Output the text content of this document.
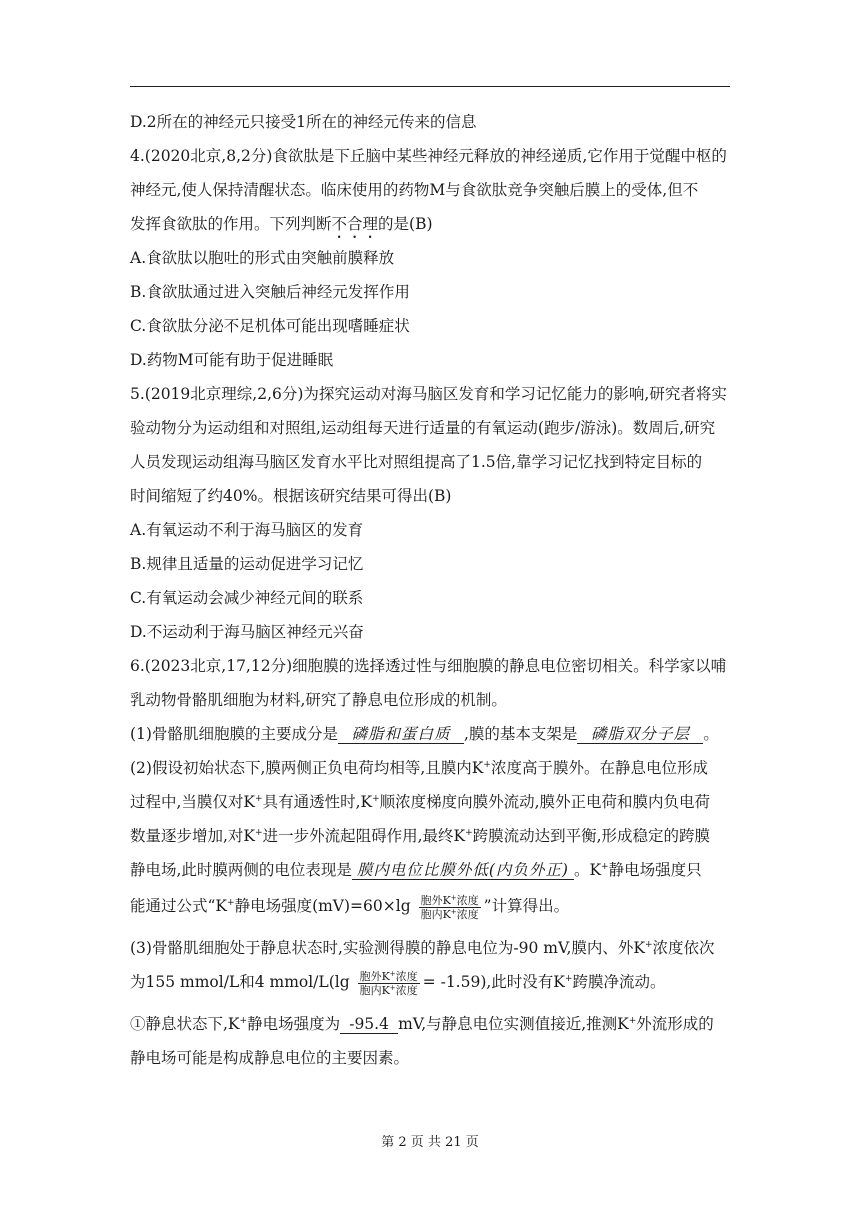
D.2所在的神经元只接受1所在的神经元传来的信息
4.(2020北京,8,2分)食欲肽是下丘脑中某些神经元释放的神经递质,它作用于觉醒中枢的
神经元,使人保持清醒状态。临床使用的药物M与食欲肽竞争突触后膜上的受体,但不
发挥食欲肽的作用。下列判断不合理的是(B)
A.食欲肽以胞吐的形式由突触前膜释放
B.食欲肽通过进入突触后神经元发挥作用
C.食欲肽分泌不足机体可能出现嗜睡症状
D.药物M可能有助于促进睡眠
5.(2019北京理综,2,6分)为探究运动对海马脑区发育和学习记忆能力的影响,研究者将实
验动物分为运动组和对照组,运动组每天进行适量的有氧运动(跑步/游泳)。数周后,研究
人员发现运动组海马脑区发育水平比对照组提高了1.5倍,靠学习记忆找到特定目标的
时间缩短了约40%。根据该研究结果可得出(B)
A.有氧运动不利于海马脑区的发育
B.规律且适量的运动促进学习记忆
C.有氧运动会减少神经元间的联系
D.不运动利于海马脑区神经元兴奋
6.(2023北京,17,12分)细胞膜的选择透过性与细胞膜的静息电位密切相关。科学家以哺
乳动物骨骼肌细胞为材料,研究了静息电位形成的机制。
(1)骨骼肌细胞膜的主要成分是 磷脂和蛋白质 ,膜的基本支架是 磷脂双分子层 。
(2)假设初始状态下,膜两侧正负电荷均相等,且膜内K+浓度高于膜外。在静息电位形成
过程中,当膜仅对K+具有通透性时,K+顺浓度梯度向膜外流动,膜外正电荷和膜内负电荷
数量逐步增加,对K+进一步外流起阻碍作用,最终K+跨膜流动达到平衡,形成稳定的跨膜
静电场,此时膜两侧的电位表现是 膜内电位比膜外低(内负外正) 。K+静电场强度只
能通过公式“K+静电场强度$(mV)=60\times\lg \frac{胞外K^+浓度}{胞内K^+浓度}$ ”计算得出。
(3)骨骼肌细胞处于静息状态时,实验测得膜的静息电位为-90 mV,膜内、外K+浓度依次
为155 mmol/L和4 mmol/L(lg $\frac{胞外K^+浓度}{胞内K^+浓度} = -1.59$),此时没有K+跨膜净流动。
①静息状态下,K+静电场强度为 -95.4 mV,与静息电位实测值接近,推测K+外流形成的
静电场可能是构成静息电位的主要因素。
第 2 页 共 21 页
